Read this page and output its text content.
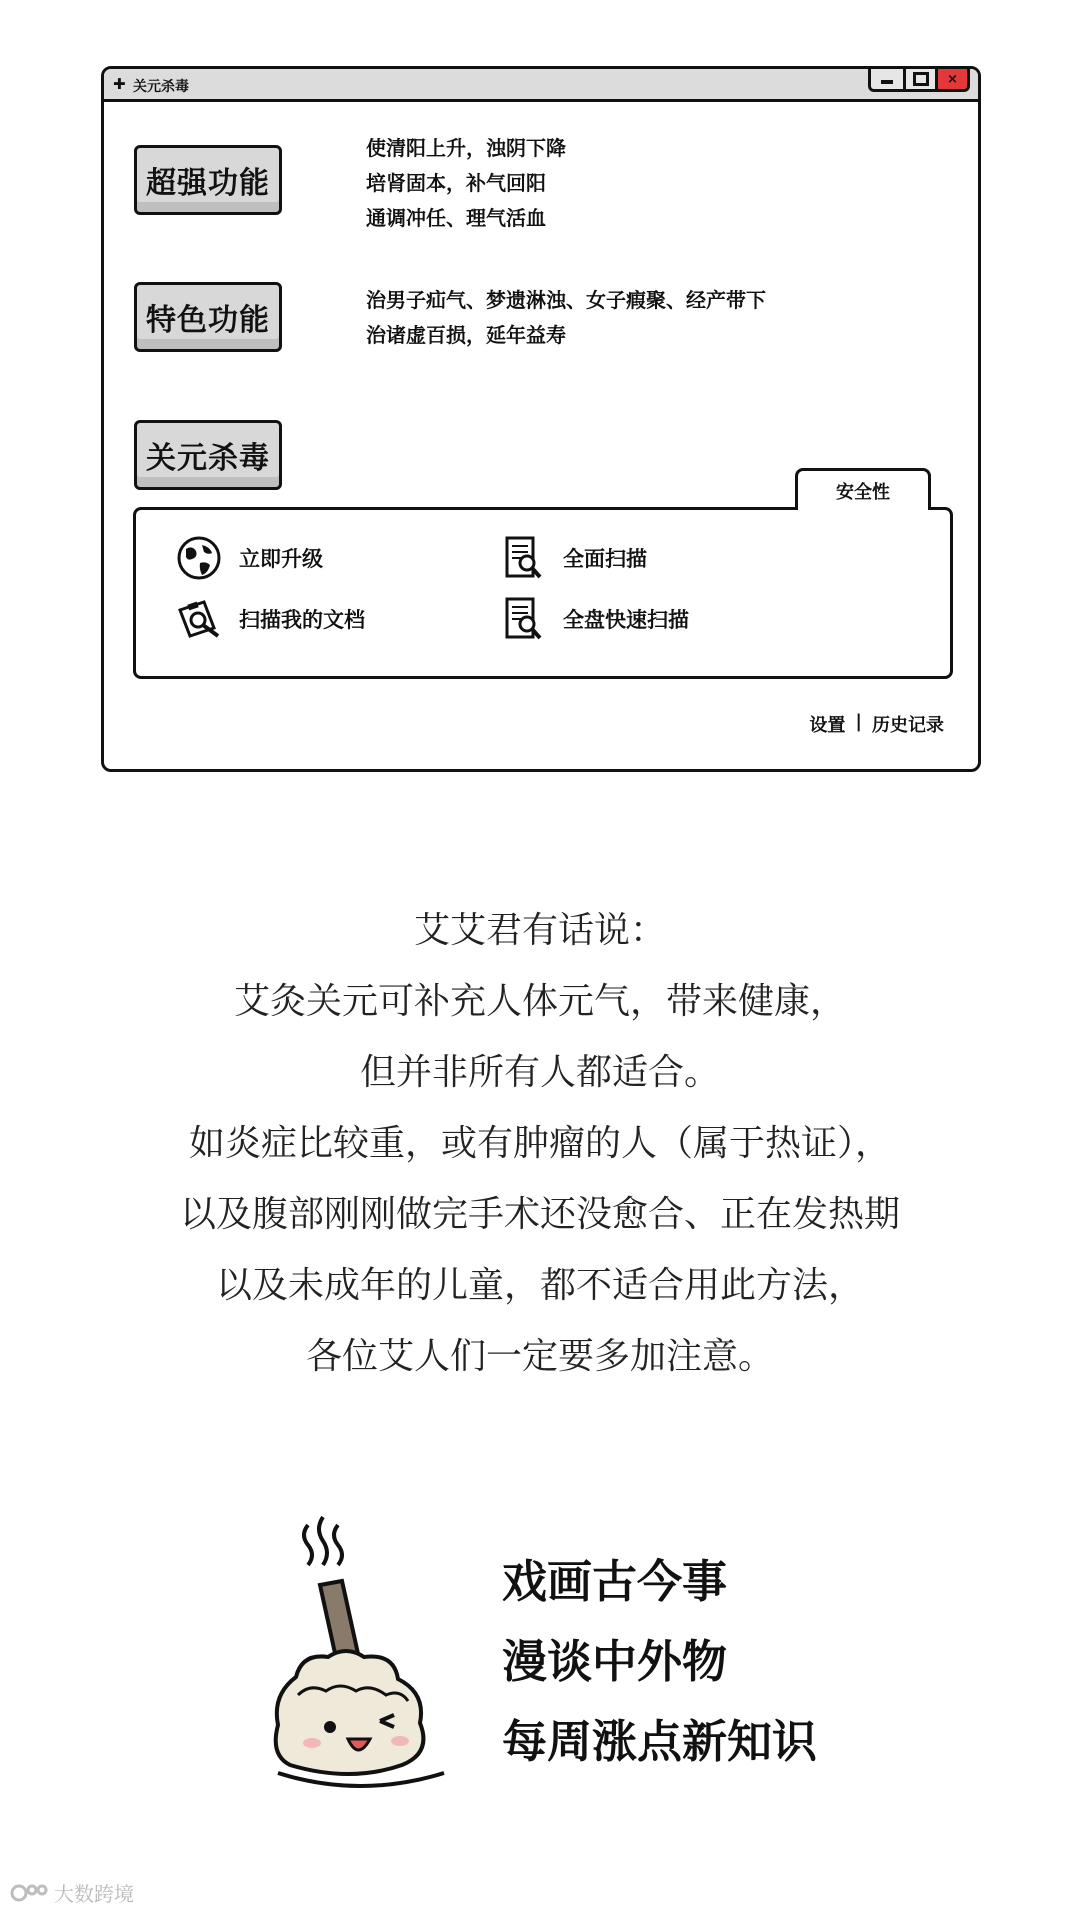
✚ 关元杀毒	×
超强功能
使清阳上升，浊阴下降
培肾固本，补气回阳
通调冲任、理气活血
特色功能
治男子疝气、梦遗淋浊、女子瘕聚、经产带下
治诸虚百损，延年益寿
关元杀毒
安全性
立即升级	全面扫描
扫描我的文档	全盘快速扫描
设置 | 历史记录
艾艾君有话说：
艾灸关元可补充人体元气，带来健康，
但并非所有人都适合。
如炎症比较重，或有肿瘤的人（属于热证），
以及腹部刚刚做完手术还没愈合、正在发热期
以及未成年的儿童，都不适合用此方法，
各位艾人们一定要多加注意。
戏画古今事
漫谈中外物
每周涨点新知识
大数跨境
